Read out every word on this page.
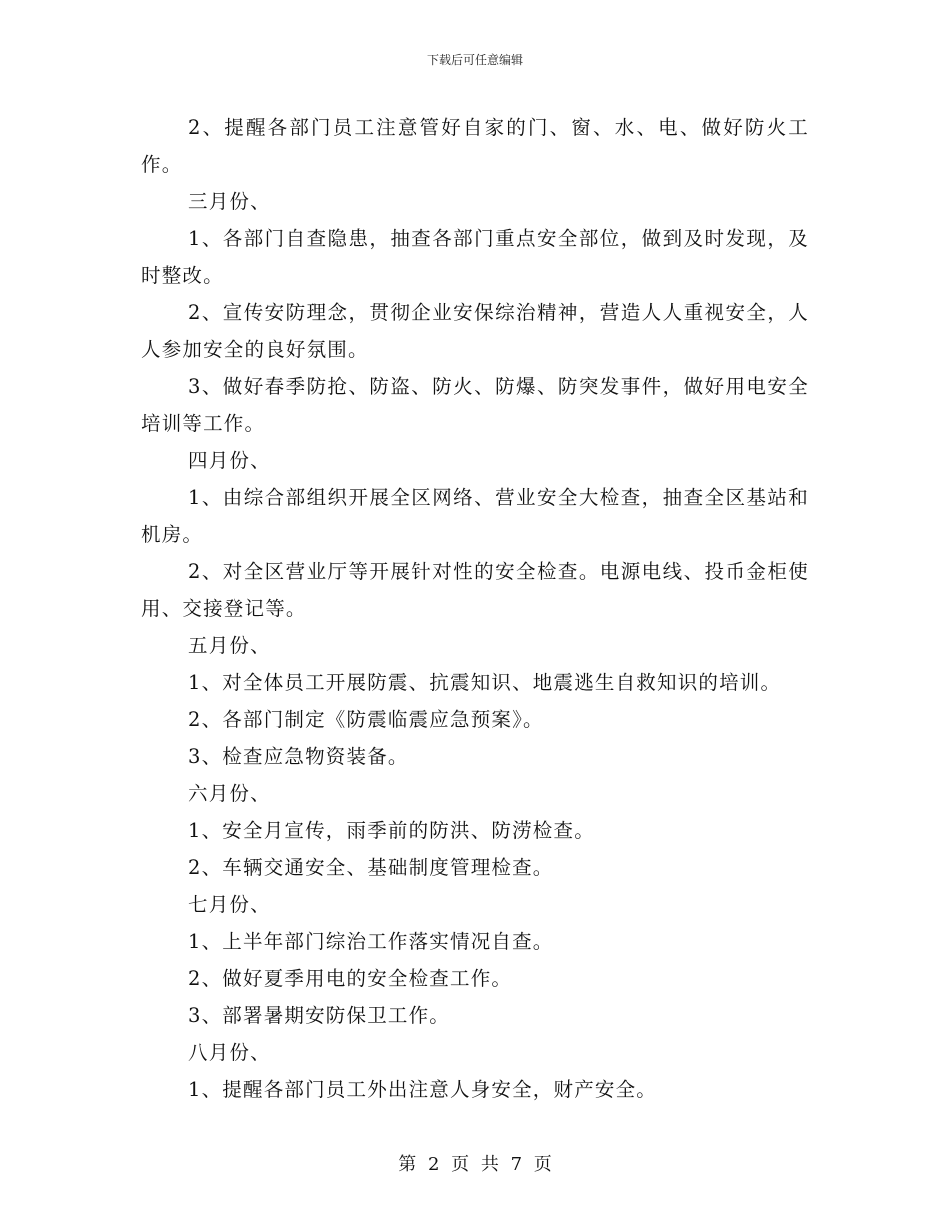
下载后可任意编辑

2、提醒各部门员工注意管好自家的门、窗、水、电、做好防火工作。

三月份、

1、各部门自查隐患，抽查各部门重点安全部位，做到及时发现，及时整改。

2、宣传安防理念，贯彻企业安保综治精神，营造人人重视安全，人人参加安全的良好氛围。

3、做好春季防抢、防盗、防火、防爆、防突发事件，做好用电安全培训等工作。

四月份、

1、由综合部组织开展全区网络、营业安全大检查，抽查全区基站和机房。

2、对全区营业厅等开展针对性的安全检查。电源电线、投币金柜使用、交接登记等。

五月份、

1、对全体员工开展防震、抗震知识、地震逃生自救知识的培训。

2、各部门制定《防震临震应急预案》。

3、检查应急物资装备。

六月份、

1、安全月宣传，雨季前的防洪、防涝检查。

2、车辆交通安全、基础制度管理检查。

七月份、

1、上半年部门综治工作落实情况自查。

2、做好夏季用电的安全检查工作。

3、部署暑期安防保卫工作。

八月份、

1、提醒各部门员工外出注意人身安全，财产安全。

第 2 页 共 7 页
